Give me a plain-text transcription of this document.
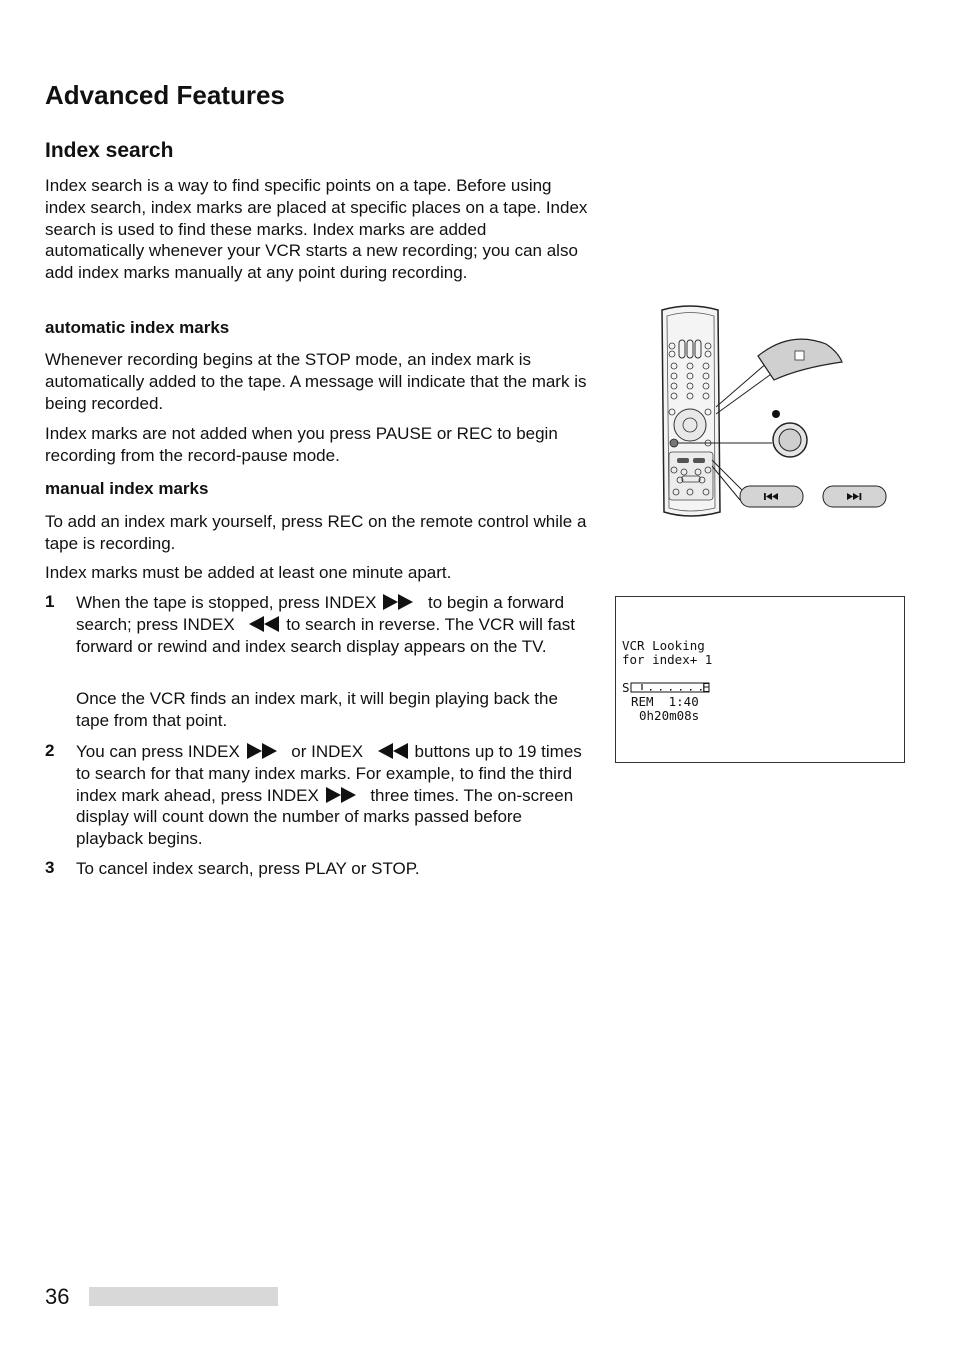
Advanced Features
Index search

Index search is a way to find specific points on a tape. Before using index search, index marks are placed at specific places on a tape. Index search is used to find these marks. Index marks are added automatically whenever your VCR starts a new recording; you can also add index marks manually at any point during recording.

automatic index marks

Whenever recording begins at the STOP mode, an index mark is automatically added to the tape. A message will indicate that the mark is being recorded.

Index marks are not added when you press PAUSE or REC to begin recording from the record-pause mode.

manual index marks

To add an index mark yourself, press REC on the remote control while a tape is recording.

Index marks must be added at least one minute apart.

1 When the tape is stopped, press INDEX	to begin a forward search; press INDEX	to search in reverse. The VCR will fast forward or rewind and index search display appears on the TV.

Once the VCR finds an index mark, it will begin playing back the tape from that point.

2 You can press INDEX	or INDEX	buttons up to 19 times to search for that many index marks. For example, to find the third index mark ahead, press INDEX	three times. The on-screen display will count down the number of marks passed before playback begins.

3 To cancel index search, press PLAY or STOP.

VCR Looking
for index+ 1
S	E
REM  1:40
0h20m08s
36
